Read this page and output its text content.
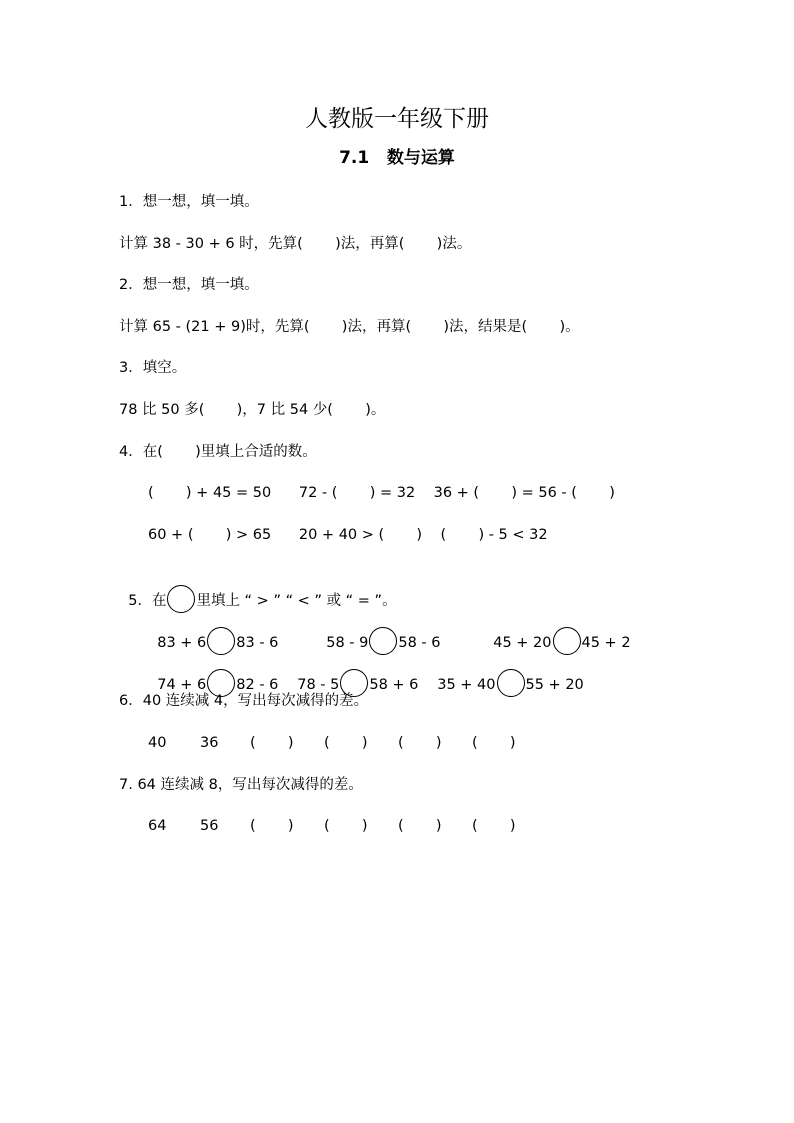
人教版一年级下册
7.1   数与运算
1．想一想，填一填。
计算 38 - 30 + 6 时，先算(       )法，再算(       )法。
2．想一想，填一填。
计算 65 - (21 + 9)时，先算(       )法，再算(       )法，结果是(       )。
3．填空。
78 比 50 多(       )，7 比 54 少(       )。
4．在(       )里填上合适的数。
(       ) + 45 = 50      72 - (       ) = 32    36 + (       ) = 56 - (       )
60 + (       ) > 65      20 + 40 > (       )    (       ) - 5 < 32

5．在 里填上 “ > ” “ < ” 或 “ = ”。

83 + 6 83 - 6	58 - 9 58 - 6	45 + 20 45 + 2

74 + 6 82 - 6	78 - 5 58 + 6	35 + 40 55 + 20

6．40 连续减 4，写出每次减得的差。
40 36 (       ) (       ) (       ) (       )
7. 64 连续减 8，写出每次减得的差。
64 56 (       ) (       ) (       ) (       )
